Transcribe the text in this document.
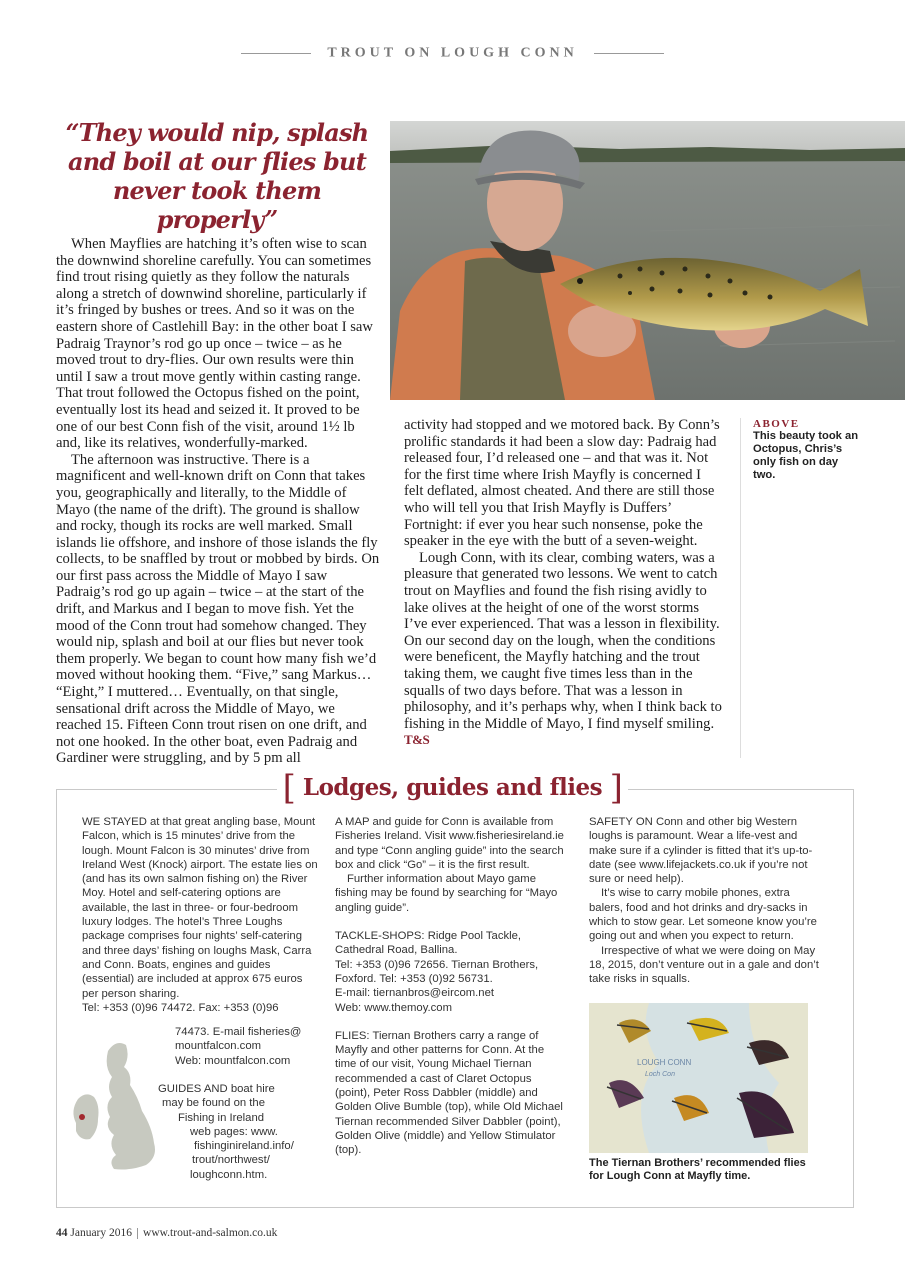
TROUT ON LOUGH CONN
“They would nip, splash and boil at our flies but never took them properly”

When Mayflies are hatching it’s often wise to scan the downwind shoreline carefully. You can sometimes find trout rising quietly as they follow the naturals along a stretch of downwind shoreline, particularly if it’s fringed by bushes or trees. And so it was on the eastern shore of Castlehill Bay: in the other boat I saw Padraig Traynor’s rod go up once – twice – as he moved trout to dry-flies. Our own results were thin until I saw a trout move gently within casting range. That trout followed the Octopus fished on the point, eventually lost its head and seized it. It proved to be one of our best Conn fish of the visit, around 1½ lb and, like its relatives, wonderfully-marked.

The afternoon was instructive. There is a magnificent and well-known drift on Conn that takes you, geographically and literally, to the Middle of Mayo (the name of the drift). The ground is shallow and rocky, though its rocks are well marked. Small islands lie offshore, and inshore of those islands the fly collects, to be snaffled by trout or mobbed by birds. On our first pass across the Middle of Mayo I saw Padraig’s rod go up again – twice – at the start of the drift, and Markus and I began to move fish. Yet the mood of the Conn trout had somehow changed. They would nip, splash and boil at our flies but never took them properly. We began to count how many fish we’d moved without hooking them. “Five,” sang Markus… “Eight,” I muttered… Eventually, on that single, sensational drift across the Middle of Mayo, we reached 15. Fifteen Conn trout risen on one drift, and not one hooked. In the other boat, even Padraig and Gardiner were struggling, and by 5 pm all

activity had stopped and we motored back. By Conn’s prolific standards it had been a slow day: Padraig had released four, I’d released one – and that was it. Not for the first time where Irish Mayfly is concerned I felt deflated, almost cheated. And there are still those who will tell you that Irish Mayfly is Duffers’ Fortnight: if ever you hear such nonsense, poke the speaker in the eye with the butt of a seven-weight.

Lough Conn, with its clear, combing waters, was a pleasure that generated two lessons. We went to catch trout on Mayflies and found the fish rising avidly to lake olives at the height of one of the worst storms I’ve ever experienced. That was a lesson in flexibility. On our second day on the lough, when the conditions were beneficent, the Mayfly hatching and the trout taking them, we caught five times less than in the squalls of two days before. That was a lesson in philosophy, and it’s perhaps why, when I think back to fishing in the Middle of Mayo, I find myself smiling. T&S

ABOVE
This beauty took an Octopus, Chris’s only fish on day two.
[ Lodges, guides and flies ]

WE STAYED at that great angling base, Mount Falcon, which is 15 minutes’ drive from the lough. Mount Falcon is 30 minutes’ drive from Ireland West (Knock) airport. The estate lies on (and has its own salmon fishing on) the River Moy. Hotel and self-catering options are available, the last in three- or four-bedroom luxury lodges. The hotel’s Three Loughs package comprises four nights’ self-catering and three days’ fishing on loughs Mask, Carra and Conn. Boats, engines and guides (essential) are included at approx 675 euros per person sharing.

Tel: +353 (0)96 74472. Fax: +353 (0)96

74473. E-mail fisheries@

mountfalcon.com

Web: mountfalcon.com

GUIDES AND boat hire

may be found on the

Fishing in Ireland

web pages: www.

fishinginireland.info/

trout/northwest/

loughconn.htm.

A MAP and guide for Conn is available from Fisheries Ireland. Visit www.fisheriesireland.ie and type “Conn angling guide” into the search box and click “Go” – it is the first result.

Further information about Mayo game fishing may be found by searching for “Mayo angling guide”.

TACKLE-SHOPS: Ridge Pool Tackle, Cathedral Road, Ballina.

Tel: +353 (0)96 72656. Tiernan Brothers, Foxford. Tel: +353 (0)92 56731.

E-mail: tiernanbros@eircom.net

Web: www.themoy.com

FLIES: Tiernan Brothers carry a range of Mayfly and other patterns for Conn. At the time of our visit, Young Michael Tiernan recommended a cast of Claret Octopus (point), Peter Ross Dabbler (middle) and Golden Olive Bumble (top), while Old Michael Tiernan recommended Silver Dabbler (point), Golden Olive (middle) and Yellow Stimulator (top).

SAFETY ON Conn and other big Western loughs is paramount. Wear a life-vest and make sure if a cylinder is fitted that it’s up-to-date (see www.lifejackets.co.uk if you’re not sure or need help).

It’s wise to carry mobile phones, extra balers, food and hot drinks and dry-sacks in which to stow gear. Let someone know you’re going out and when you expect to return.

Irrespective of what we were doing on May 18, 2015, don’t venture out in a gale and don’t take risks in squalls.

LOUGH CONN
Loch Con
The Tiernan Brothers’ recommended flies for Lough Conn at Mayfly time.
44 January 2016 www.trout-and-salmon.co.uk
